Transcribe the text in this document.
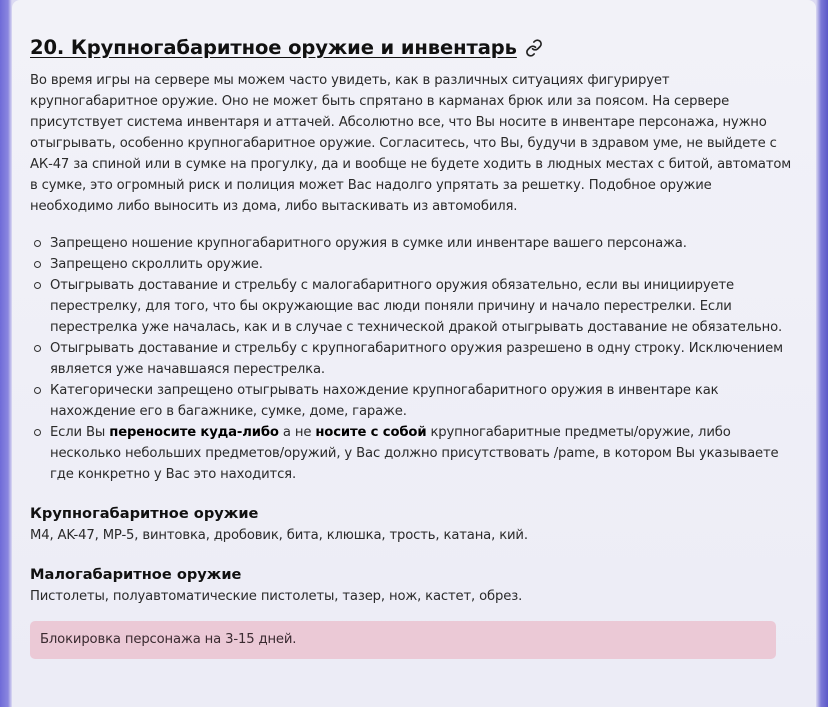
20. Крупногабаритное оружие и инвентарь

Во время игры на сервере мы можем часто увидеть, как в различных ситуациях фигурирует крупногабаритное оружие. Оно не может быть спрятано в карманах брюк или за поясом. На сервере присутствует система инвентаря и аттачей. Абсолютно все, что Вы носите в инвентаре персонажа, нужно отыгрывать, особенно крупногабаритное оружие. Согласитесь, что Вы, будучи в здравом уме, не выйдете с АК-47 за спиной или в сумке на прогулку, да и вообще не будете ходить в людных местах с битой, автоматом в сумке, это огромный риск и полиция может Вас надолго упрятать за решетку. Подобное оружие необходимо либо выносить из дома, либо вытаскивать из автомобиля.

Запрещено ношение крупногабаритного оружия в сумке или инвентаре вашего персонажа.
Запрещено скроллить оружие.
Отыгрывать доставание и стрельбу с малогабаритного оружия обязательно, если вы инициируете перестрелку, для того, что бы окружающие вас люди поняли причину и начало перестрелки. Если перестрелка уже началась, как и в случае с технической дракой отыгрывать доставание не обязательно.
Отыгрывать доставание и стрельбу с крупногабаритного оружия разрешено в одну строку. Исключением является уже начавшаяся перестрелка.
Категорически запрещено отыгрывать нахождение крупногабаритного оружия в инвентаре как нахождение его в багажнике, сумке, доме, гараже.
Если Вы переносите куда-либо а не носите с собой крупногабаритные предметы/оружие, либо несколько небольших предметов/оружий, у Вас должно присутствовать /pame, в котором Вы указываете где конкретно у Вас это находится.
Крупногабаритное оружие

M4, AK-47, MP-5, винтовка, дробовик, бита, клюшка, трость, катана, кий.

Малогабаритное оружие

Пистолеты, полуавтоматические пистолеты, тазер, нож, кастет, обрез.

Блокировка персонажа на 3-15 дней.
